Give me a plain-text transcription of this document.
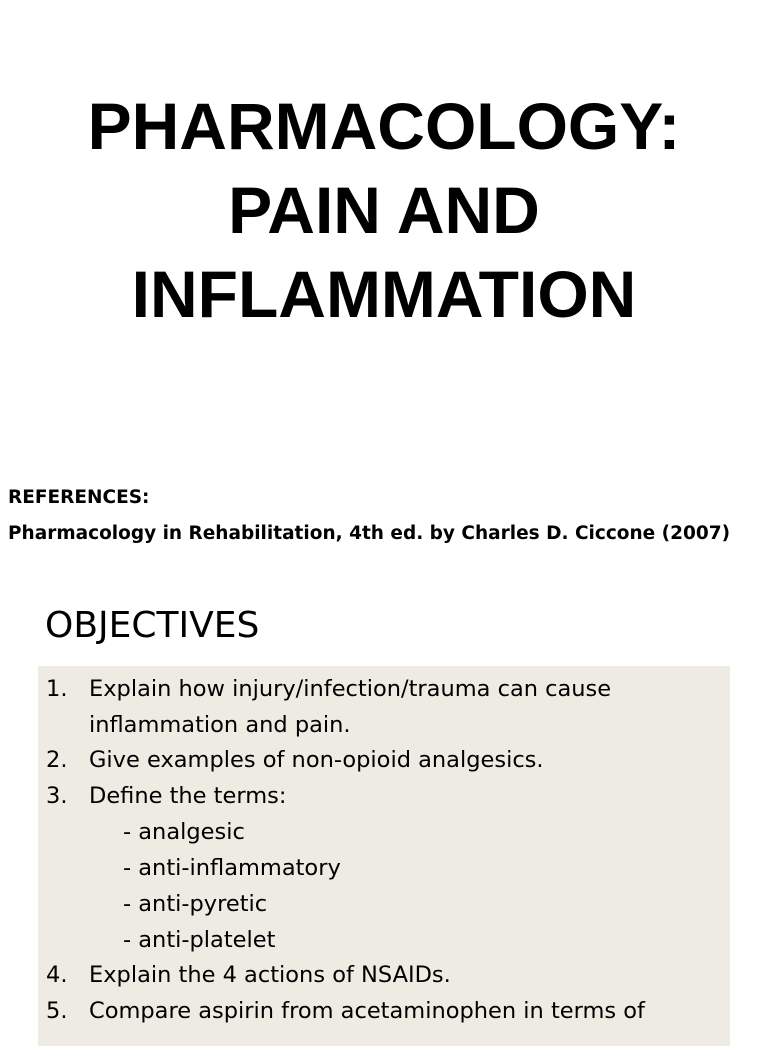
PHARMACOLOGY:
PAIN AND
INFLAMMATION
REFERENCES:
Pharmacology in Rehabilitation, 4th ed. by Charles D. Ciccone (2007)
OBJECTIVES
1. Explain how injury/infection/trauma can cause inflammation and pain.
2. Give examples of non-opioid analgesics.
3. Define the terms:
- analgesic
- anti-inflammatory
- anti-pyretic
- anti-platelet
4. Explain the 4 actions of NSAIDs.
5. Compare aspirin from acetaminophen in terms of
